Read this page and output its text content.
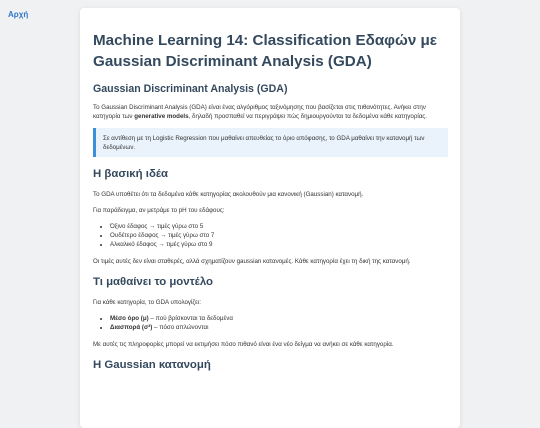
Αρχή
Machine Learning 14: Classification Εδαφών με Gaussian Discriminant Analysis (GDA)
Gaussian Discriminant Analysis (GDA)

Το Gaussian Discriminant Analysis (GDA) είναι ένας αλγόριθμος ταξινόμησης που βασίζεται στις πιθανότητες. Ανήκει στην κατηγορία των generative models, δηλαδή προσπαθεί να περιγράψει πώς δημιουργούνται τα δεδομένα κάθε κατηγορίας.

Σε αντίθεση με τη Logistic Regression που μαθαίνει απευθείας το όριο απόφασης, το GDA μαθαίνει την κατανομή των δεδομένων.

Η βασική ιδέα

Το GDA υποθέτει ότι τα δεδομένα κάθε κατηγορίας ακολουθούν μια κανονική (Gaussian) κατανομή.

Για παράδειγμα, αν μετράμε το pH του εδάφους:

• Όξινο έδαφος → τιμές γύρω στο 5
• Ουδέτερο έδαφος → τιμές γύρω στο 7
• Αλκαλικό έδαφος → τιμές γύρω στο 9

Οι τιμές αυτές δεν είναι σταθερές, αλλά σχηματίζουν gaussian κατανομές. Κάθε κατηγορία έχει τη δική της κατανομή.

Τι μαθαίνει το μοντέλο

Για κάθε κατηγορία, το GDA υπολογίζει:

• Μέσο όρο (μ) – πού βρίσκονται τα δεδομένα
• Διασπορά (σ²) – πόσο απλώνονται

Με αυτές τις πληροφορίες μπορεί να εκτιμήσει πόσο πιθανό είναι ένα νέο δείγμα να ανήκει σε κάθε κατηγορία.

Η Gaussian κατανομή
